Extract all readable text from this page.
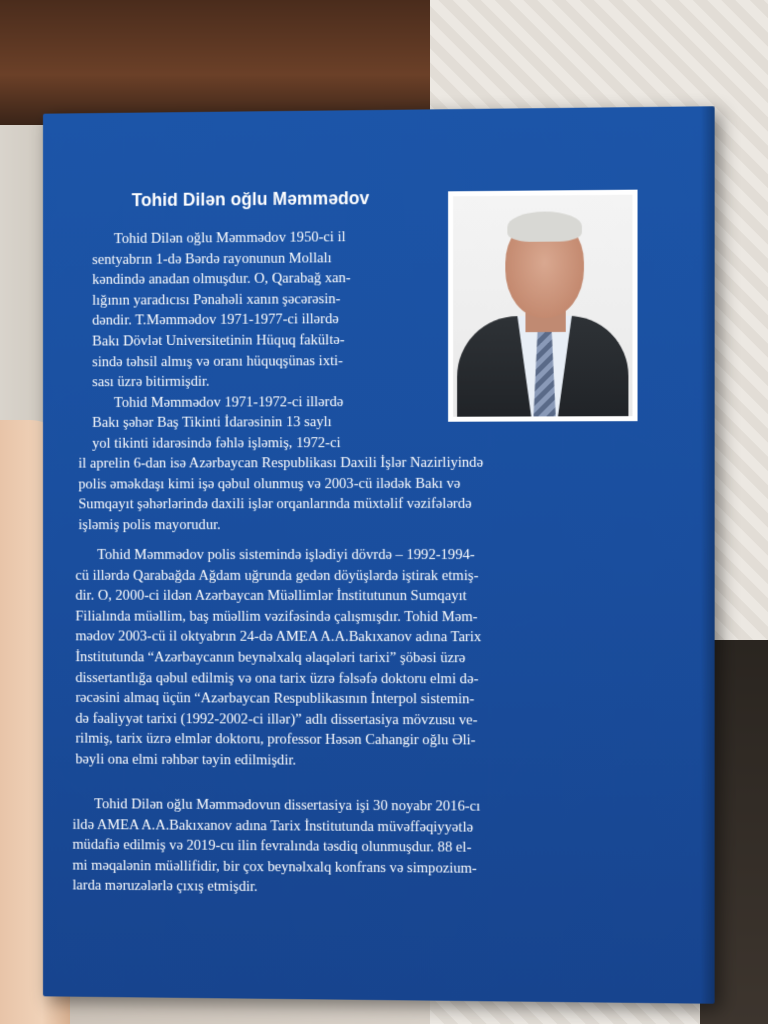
Tohid Dilən oğlu Məmmədov
Tohid Dilən oğlu Məmmədov 1950-ci il
sentyabrın 1-də Bərdə rayonunun Mollalı
kəndində anadan olmuşdur. O, Qarabağ xan-
lığının yaradıcısı Pənahəli xanın şəcərəsin-
dəndir. T.Məmmədov 1971-1977-ci illərdə
Bakı Dövlət Universitetinin Hüquq fakültə-
sində təhsil almış və oranı hüquqşünas ixti-
sası üzrə bitirmişdir.
Tohid Məmmədov 1971-1972-ci illərdə
Bakı şəhər Baş Tikinti İdarəsinin 13 saylı
yol tikinti idarəsində fəhlə işləmiş, 1972-ci
il aprelin 6-dan isə Azərbaycan Respublikası Daxili İşlər Nazirliyində
polis əməkdaşı kimi işə qəbul olunmuş və 2003-cü ilədək Bakı və
Sumqayıt şəhərlərində daxili işlər orqanlarında müxtəlif vəzifələrdə
işləmiş polis mayorudur.
Tohid Məmmədov polis sistemində işlədiyi dövrdə – 1992-1994-
cü illərdə Qarabağda Ağdam uğrunda gedən döyüşlərdə iştirak etmiş-
dir. O, 2000-ci ildən Azərbaycan Müəllimlər İnstitutunun Sumqayıt
Filialında müəllim, baş müəllim vəzifəsində çalışmışdır. Tohid Məm-
mədov 2003-cü il oktyabrın 24-də AMEA A.A.Bakıxanov adına Tarix
İnstitutunda “Azərbaycanın beynəlxalq əlaqələri tarixi” şöbəsi üzrə
dissertantlığa qəbul edilmiş və ona tarix üzrə fəlsəfə doktoru elmi də-
rəcəsini almaq üçün “Azərbaycan Respublikasının İnterpol sistemin-
də fəaliyyət tarixi (1992-2002-ci illər)” adlı dissertasiya mövzusu ve-
rilmiş, tarix üzrə elmlər doktoru, professor Həsən Cahangir oğlu Əli-
bəyli ona elmi rəhbər təyin edilmişdir.
Tohid Dilən oğlu Məmmədovun dissertasiya işi 30 noyabr 2016-cı
ildə AMEA A.A.Bakıxanov adına Tarix İnstitutunda müvəffəqiyyətlə
müdafiə edilmiş və 2019-cu ilin fevralında təsdiq olunmuşdur. 88 el-
mi məqalənin müəllifidir, bir çox beynəlxalq konfrans və simpozium-
larda məruzələrlə çıxış etmişdir.
